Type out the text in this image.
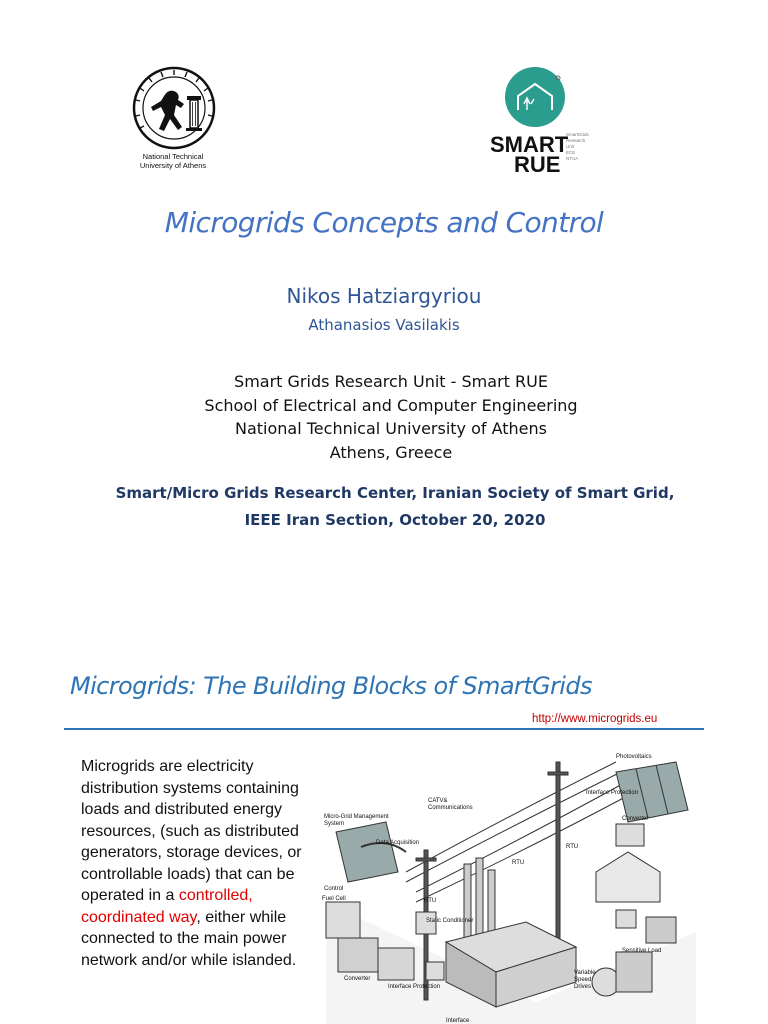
National Technical
University of Athens
SMART
RUE
SmartGrids
Research
Unit
ECE
NTUA
Microgrids Concepts and Control
Nikos Hatziargyriou
Athanasios Vasilakis
Smart Grids Research Unit - Smart RUE
School of Electrical and Computer Engineering
National Technical University of Athens
Athens, Greece
Smart/Micro Grids Research Center, Iranian Society of Smart Grid,
IEEE Iran Section, October 20, 2020
Microgrids: The Building Blocks of SmartGrids
http://www.microgrids.eu
Microgrids are electricity distribution systems containing loads and distributed energy resources, (such as distributed generators, storage devices, or controllable loads) that can be operated in a controlled, coordinated way, either while connected to the main power network and/or while islanded.
Photovoltaics
Interface Protection
Converter
CATV&
Communications
Micro-Grid Management
System
Data Acquisition
RTU
RTU
RTU
Control
Static Conditioner
Sensitive Load
Fuel Cell
Converter
Interface Protection
Variable
Speed
Drives
Interface
